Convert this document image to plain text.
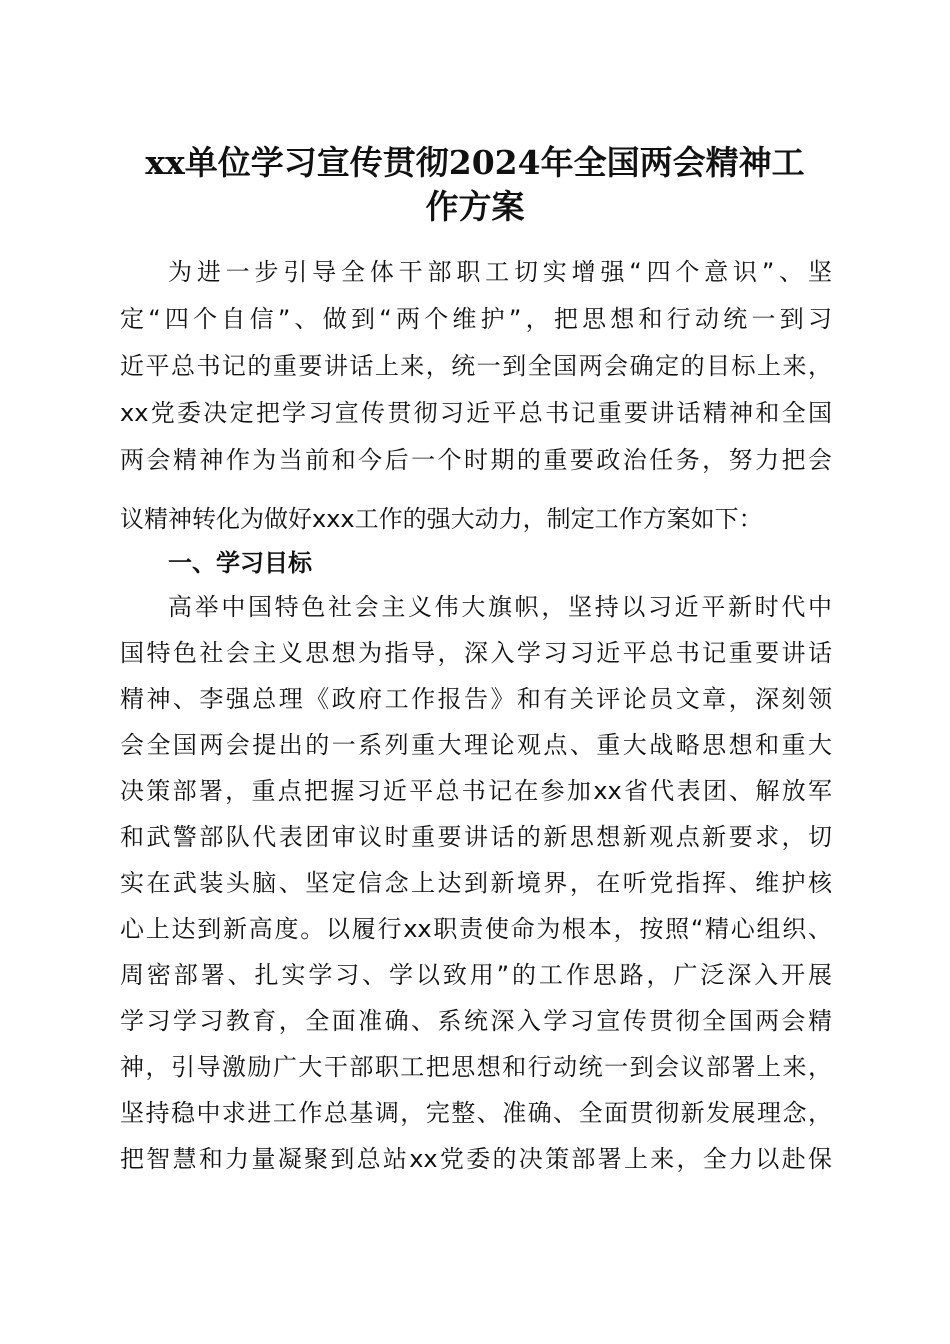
xx单位学习宣传贯彻2024年全国两会精神工
作方案

为进一步引导全体干部职工切实增强“四个意识”、坚

定“四个自信”、做到“两个维护”，把思想和行动统一到习

近平总书记的重要讲话上来，统一到全国两会确定的目标上来，

xx党委决定把学习宣传贯彻习近平总书记重要讲话精神和全国

两会精神作为当前和今后一个时期的重要政治任务，努力把会

议精神转化为做好xxx工作的强大动力，制定工作方案如下：

一、学习目标

高举中国特色社会主义伟大旗帜，坚持以习近平新时代中

国特色社会主义思想为指导，深入学习习近平总书记重要讲话

精神、李强总理《政府工作报告》和有关评论员文章，深刻领

会全国两会提出的一系列重大理论观点、重大战略思想和重大

决策部署，重点把握习近平总书记在参加xx省代表团、解放军

和武警部队代表团审议时重要讲话的新思想新观点新要求，切

实在武装头脑、坚定信念上达到新境界，在听党指挥、维护核

心上达到新高度。以履行xx职责使命为根本，按照“精心组织、

周密部署、扎实学习、学以致用”的工作思路，广泛深入开展

学习学习教育，全面准确、系统深入学习宣传贯彻全国两会精

神，引导激励广大干部职工把思想和行动统一到会议部署上来，

坚持稳中求进工作总基调，完整、准确、全面贯彻新发展理念，

把智慧和力量凝聚到总站xx党委的决策部署上来，全力以赴保
